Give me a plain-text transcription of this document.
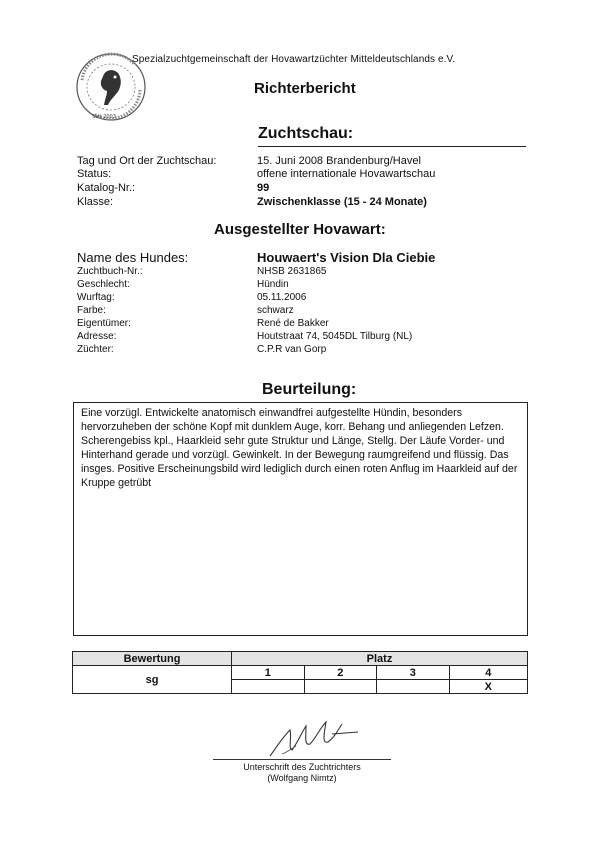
Spezialzuchtgemeinschaft der Hovawartzüchter Mitteldeutschlands e.V.
Seit 2003
Richterbericht
Zuchtschau:
Tag und Ort der Zuchtschau:	15. Juni 2008 Brandenburg/Havel
Status:	offene internationale Hovawartschau
Katalog-Nr.:	99
Klasse:	Zwischenklasse (15 - 24 Monate)
Ausgestellter Hovawart:
Name des Hundes:	Houwaert's Vision Dla Ciebie
Zuchtbuch-Nr.:	NHSB 2631865
Geschlecht:	Hündin
Wurftag:	05.11.2006
Farbe:	schwarz
Eigentümer:	René de Bakker
Adresse:	Houtstraat 74, 5045DL Tilburg (NL)
Züchter:	C.P.R van Gorp
Beurteilung:
Eine vorzügl. Entwickelte anatomisch einwandfrei aufgestellte Hündin, besonders hervorzuheben der schöne Kopf mit dunklem Auge, korr. Behang und anliegenden Lefzen. Scherengebiss kpl., Haarkleid sehr gute Struktur und Länge, Stellg. Der Läufe Vorder- und Hinterhand gerade und vorzügl. Gewinkelt. In der Bewegung raumgreifend und flüssig. Das insges. Positive Erscheinungsbild wird lediglich durch einen roten Anflug im Haarkleid auf der Kruppe getrübt
Bewertung	Platz			
sg	1	2	3	4
				X
Unterschrift des Zuchtrichters
(Wolfgang Nimtz)
